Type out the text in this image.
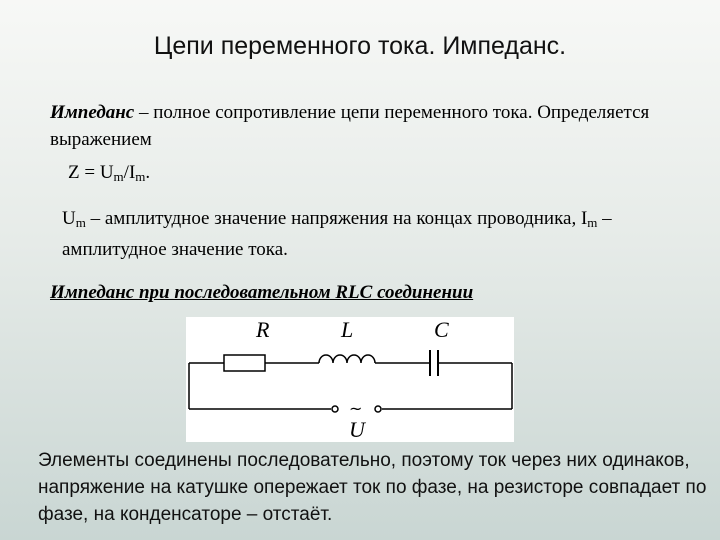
Цепи переменного тока. Импеданс.
Импеданс – полное сопротивление цепи переменного тока. Определяется выражением
$Z = U_m/I_m$.
$U_m$ – амплитудное значение напряжения на концах проводника, $I_m$ – амплитудное значение тока.
Импеданс при последовательном RLC соединении
R	L	C
~
U
Элементы соединены последовательно, поэтому ток через них одинаков, напряжение на катушке опережает ток по фазе, на резисторе совпадает по фазе, на конденсаторе – отстаёт.
